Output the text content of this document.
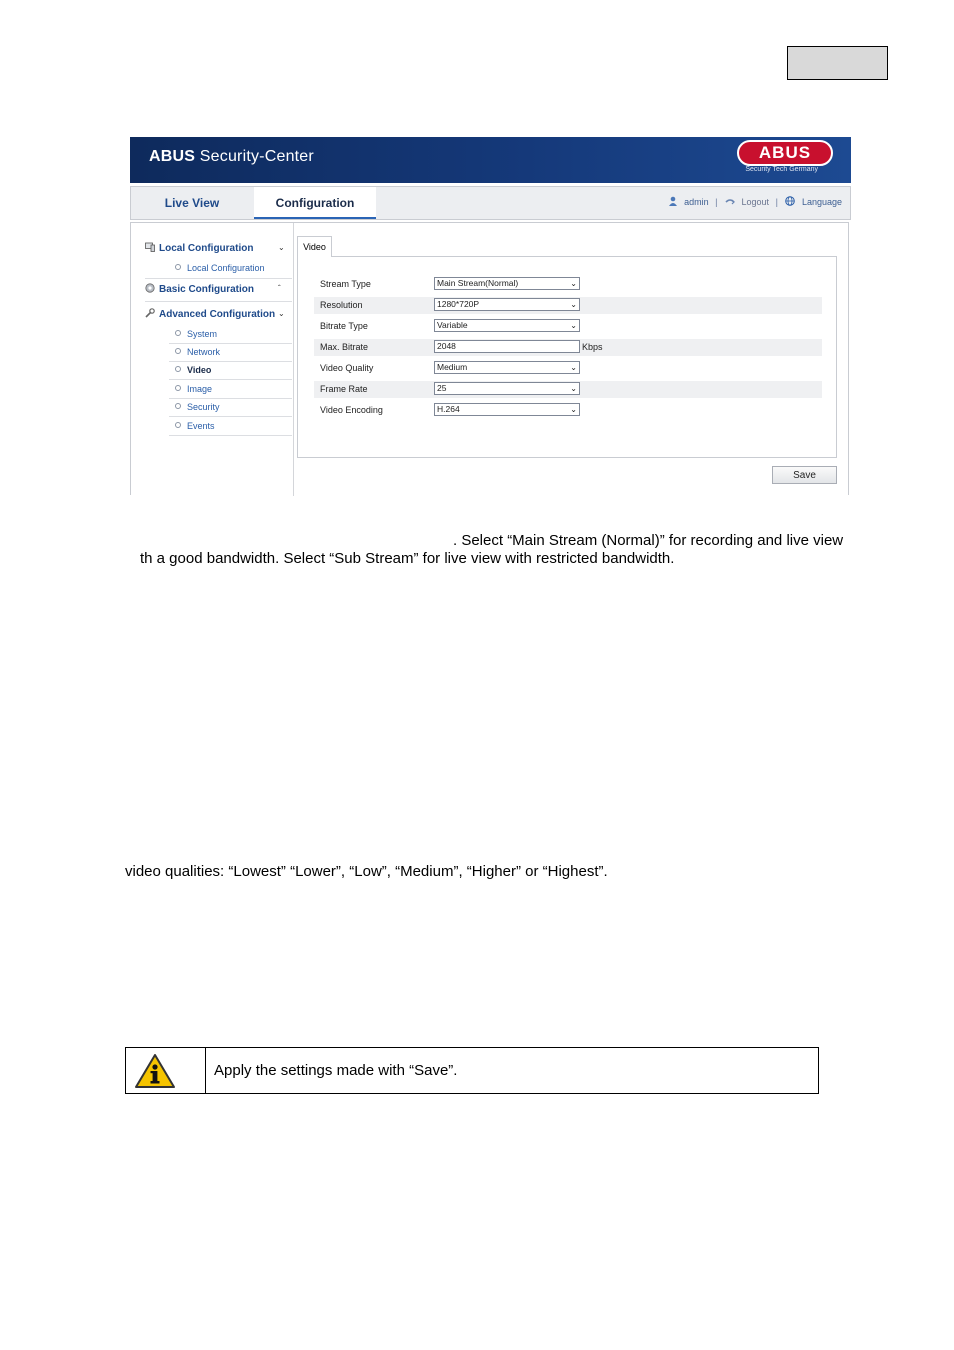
ABUS Security-Center	ABUS
Security Tech Germany
Live View	Configuration	admin |	Logout |	Language
Local Configuration	⌄
Local Configuration
Basic Configuration	ˆ
Advanced Configuration ⌄
System
Network
Video
Image
Security
Events
Video
Stream Type	Main Stream(Normal)	⌄
Resolution	1280*720P	⌄
Bitrate Type	Variable	⌄
Max. Bitrate	2048	Kbps
Video Quality	Medium	⌄
Frame Rate	25	⌄
Video Encoding	H.264	⌄
Save
. Select “Main Stream (Normal)” for recording and live view
th a good bandwidth. Select “Sub Stream” for live view with restricted bandwidth.
video qualities: “Lowest” “Lower”, “Low”, “Medium”, “Higher” or “Highest”.
Apply the settings made with “Save”.
